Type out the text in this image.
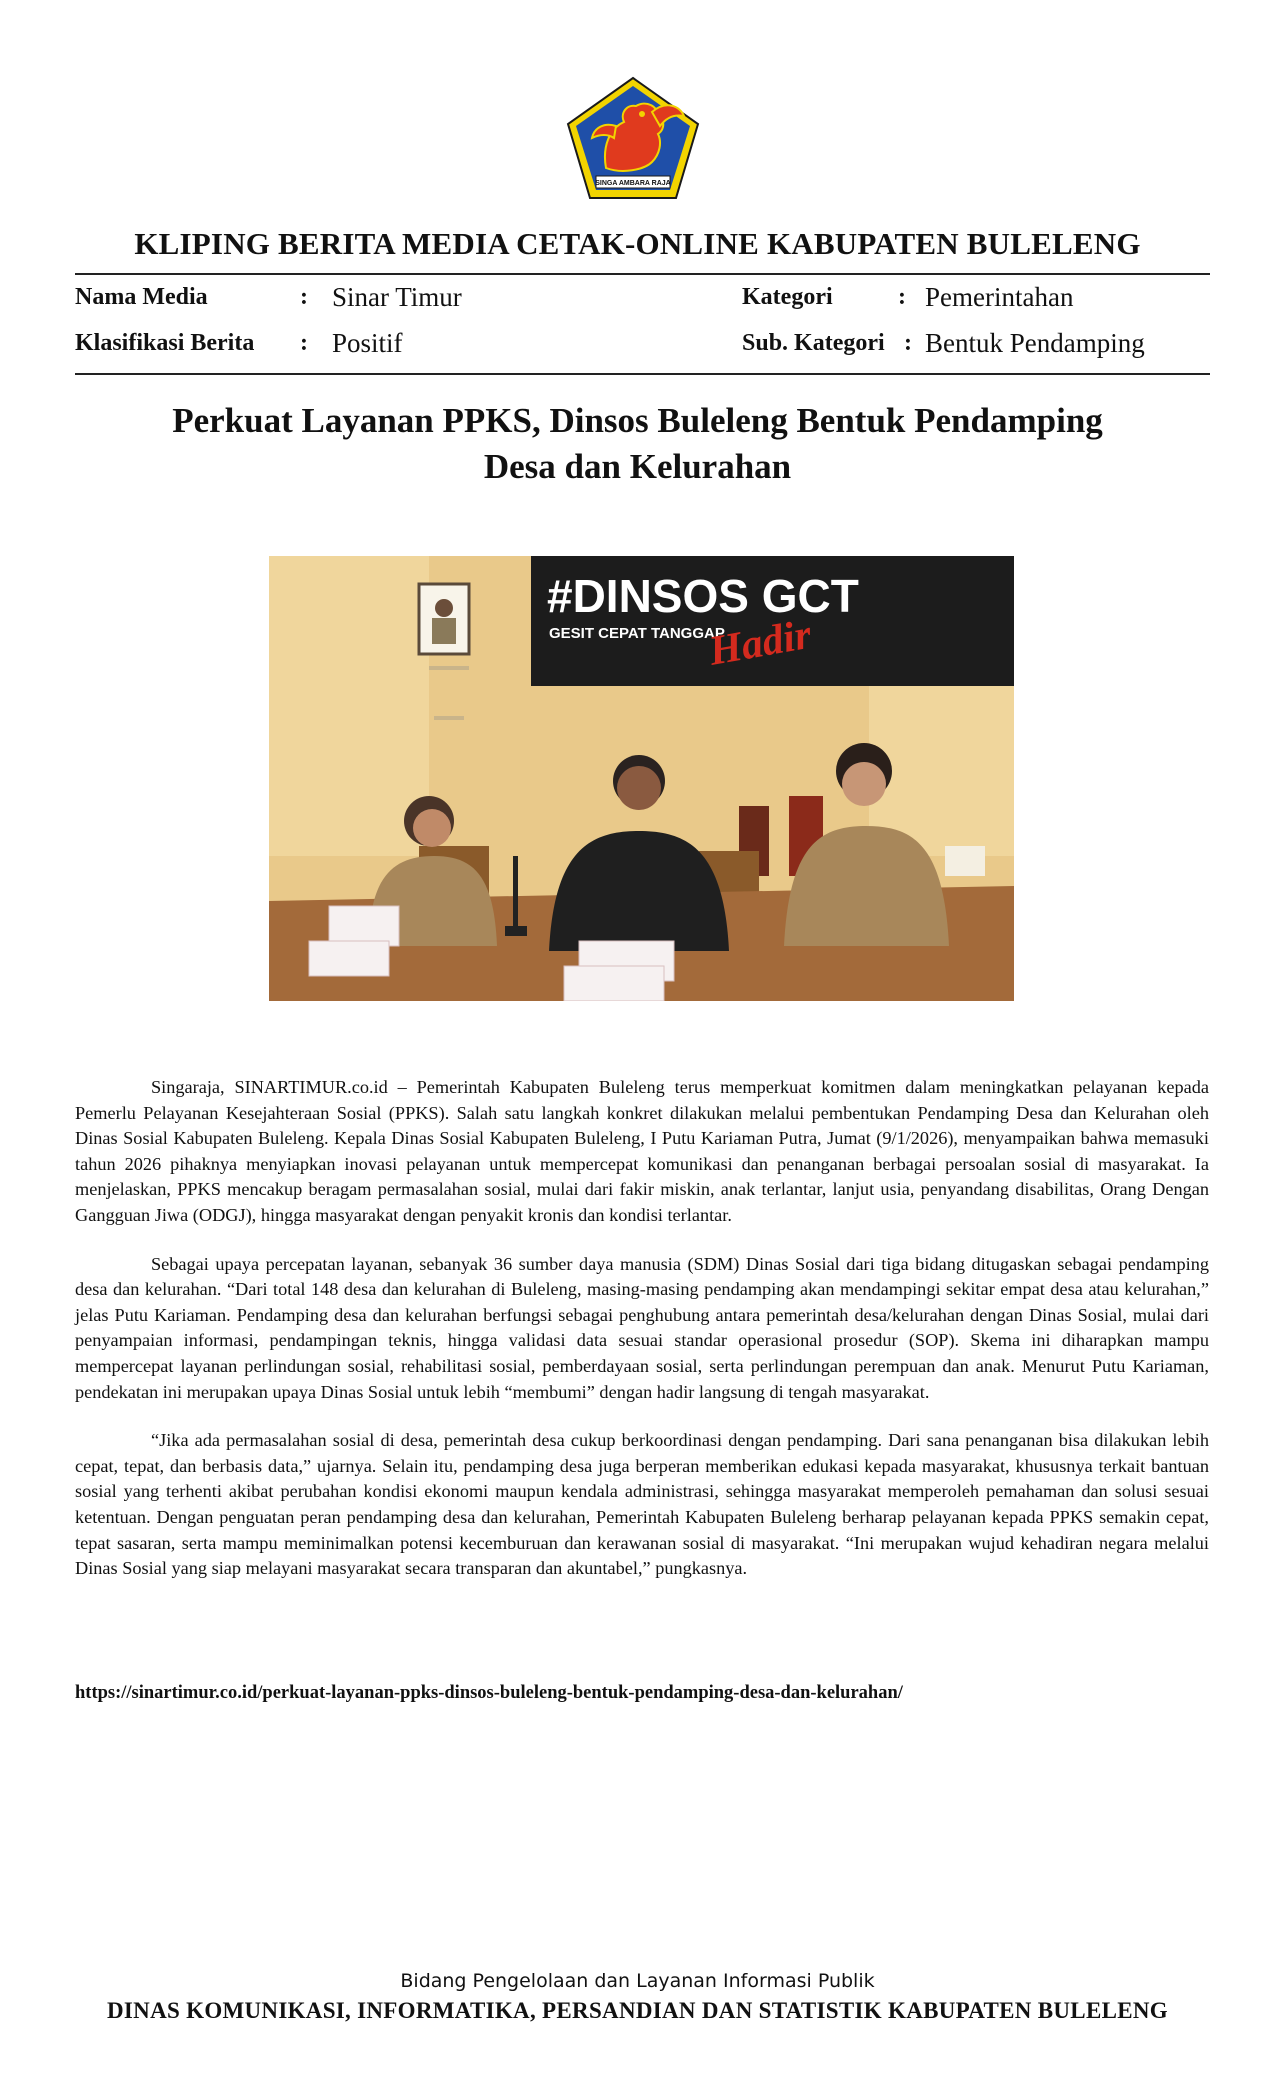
SINGA AMBARA RAJA
KLIPING BERITA MEDIA CETAK-ONLINE KABUPATEN BULELENG
Nama Media	: Sinar Timur
Klasifikasi Berita : Positif
Kategori	: Pemerintahan
Sub. Kategori : Bentuk Pendamping
Perkuat Layanan PPKS, Dinsos Buleleng Bentuk Pendamping
Desa dan Kelurahan
#DINSOS GCT
GESIT CEPAT TANGGAP
Hadir

Singaraja, SINARTIMUR.co.id – Pemerintah Kabupaten Buleleng terus memperkuat komitmen dalam meningkatkan pelayanan kepada Pemerlu Pelayanan Kesejahteraan Sosial (PPKS). Salah satu langkah konkret dilakukan melalui pembentukan Pendamping Desa dan Kelurahan oleh Dinas Sosial Kabupaten Buleleng. Kepala Dinas Sosial Kabupaten Buleleng, I Putu Kariaman Putra, Jumat (9/1/2026), menyampaikan bahwa memasuki tahun 2026 pihaknya menyiapkan inovasi pelayanan untuk mempercepat komunikasi dan penanganan berbagai persoalan sosial di masyarakat. Ia menjelaskan, PPKS mencakup beragam permasalahan sosial, mulai dari fakir miskin, anak terlantar, lanjut usia, penyandang disabilitas, Orang Dengan Gangguan Jiwa (ODGJ), hingga masyarakat dengan penyakit kronis dan kondisi terlantar.

Sebagai upaya percepatan layanan, sebanyak 36 sumber daya manusia (SDM) Dinas Sosial dari tiga bidang ditugaskan sebagai pendamping desa dan kelurahan. “Dari total 148 desa dan kelurahan di Buleleng, masing-masing pendamping akan mendampingi sekitar empat desa atau kelurahan,” jelas Putu Kariaman. Pendamping desa dan kelurahan berfungsi sebagai penghubung antara pemerintah desa/kelurahan dengan Dinas Sosial, mulai dari penyampaian informasi, pendampingan teknis, hingga validasi data sesuai standar operasional prosedur (SOP). Skema ini diharapkan mampu mempercepat layanan perlindungan sosial, rehabilitasi sosial, pemberdayaan sosial, serta perlindungan perempuan dan anak. Menurut Putu Kariaman, pendekatan ini merupakan upaya Dinas Sosial untuk lebih “membumi” dengan hadir langsung di tengah masyarakat.

“Jika ada permasalahan sosial di desa, pemerintah desa cukup berkoordinasi dengan pendamping. Dari sana penanganan bisa dilakukan lebih cepat, tepat, dan berbasis data,” ujarnya. Selain itu, pendamping desa juga berperan memberikan edukasi kepada masyarakat, khususnya terkait bantuan sosial yang terhenti akibat perubahan kondisi ekonomi maupun kendala administrasi, sehingga masyarakat memperoleh pemahaman dan solusi sesuai ketentuan. Dengan penguatan peran pendamping desa dan kelurahan, Pemerintah Kabupaten Buleleng berharap pelayanan kepada PPKS semakin cepat, tepat sasaran, serta mampu meminimalkan potensi kecemburuan dan kerawanan sosial di masyarakat. “Ini merupakan wujud kehadiran negara melalui Dinas Sosial yang siap melayani masyarakat secara transparan dan akuntabel,” pungkasnya.

https://sinartimur.co.id/perkuat-layanan-ppks-dinsos-buleleng-bentuk-pendamping-desa-dan-kelurahan/
Bidang Pengelolaan dan Layanan Informasi Publik
DINAS KOMUNIKASI, INFORMATIKA, PERSANDIAN DAN STATISTIK KABUPATEN BULELENG
